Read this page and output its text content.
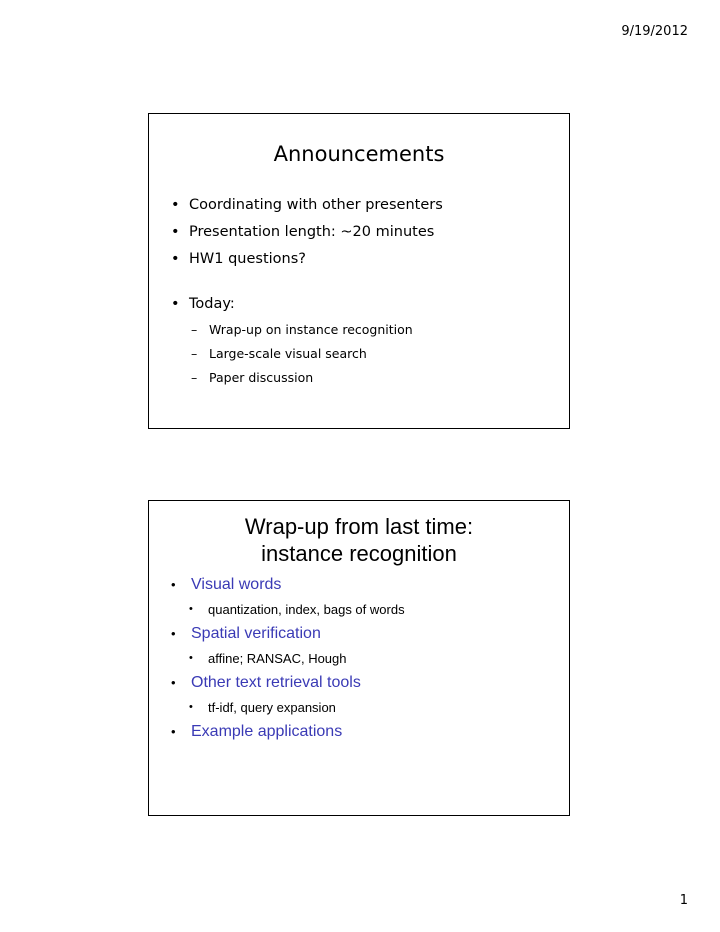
9/19/2012
Announcements
• Coordinating with other presenters
• Presentation length: ~20 minutes
• HW1 questions?
• Today:
– Wrap-up on instance recognition
– Large-scale visual search
– Paper discussion
Wrap-up from last time:
instance recognition
• Visual words
• quantization, index, bags of words
• Spatial verification
• affine; RANSAC, Hough
• Other text retrieval tools
• tf-idf, query expansion
• Example applications
1
